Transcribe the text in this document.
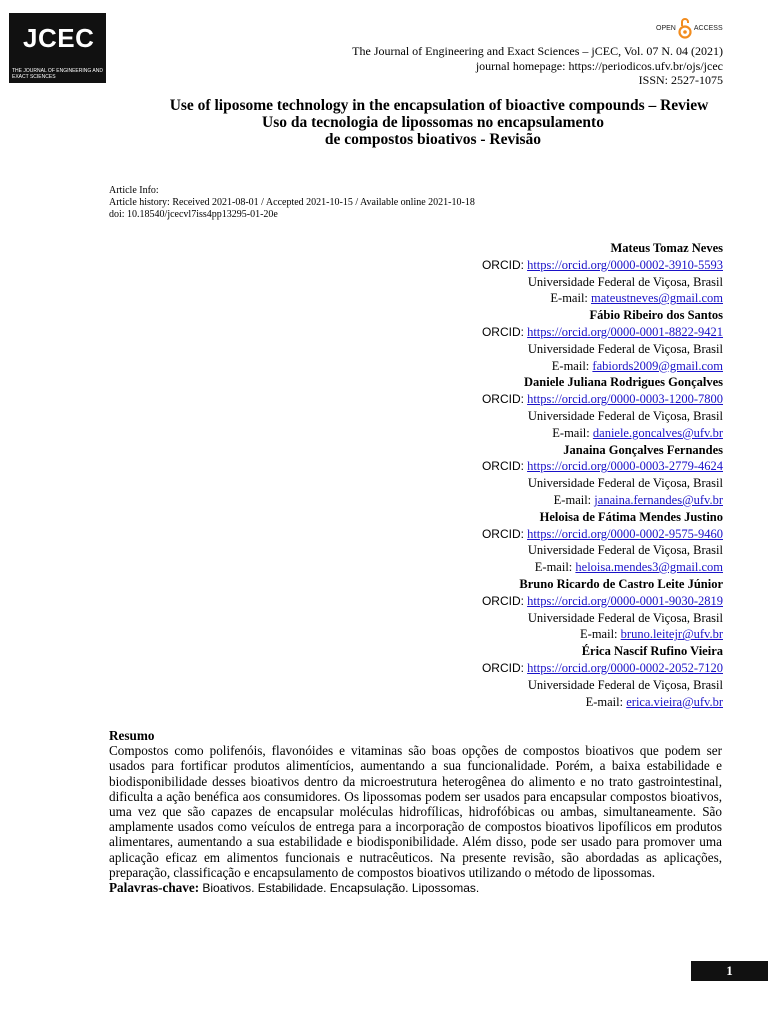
JCEC
THE JOURNAL OF ENGINEERING AND EXACT SCIENCES
OPEN	ACCESS
The Journal of Engineering and Exact Sciences – jCEC, Vol. 07 N. 04 (2021)
journal homepage: https://periodicos.ufv.br/ojs/jcec
ISSN: 2527-1075
Use of liposome technology in the encapsulation of bioactive compounds – Review
Uso da tecnologia de lipossomas no encapsulamento de compostos bioativos - Revisão
Article Info:
Article history: Received 2021-08-01 / Accepted 2021-10-15 / Available online 2021-10-18
doi: 10.18540/jcecvl7iss4pp13295-01-20e
Mateus Tomaz Neves
ORCID: https://orcid.org/0000-0002-3910-5593
Universidade Federal de Viçosa, Brasil
E-mail: mateustneves@gmail.com
Fábio Ribeiro dos Santos
ORCID: https://orcid.org/0000-0001-8822-9421
Universidade Federal de Viçosa, Brasil
E-mail: fabiords2009@gmail.com
Daniele Juliana Rodrigues Gonçalves
ORCID: https://orcid.org/0000-0003-1200-7800
Universidade Federal de Viçosa, Brasil
E-mail: daniele.goncalves@ufv.br
Janaina Gonçalves Fernandes
ORCID: https://orcid.org/0000-0003-2779-4624
Universidade Federal de Viçosa, Brasil
E-mail: janaina.fernandes@ufv.br
Heloisa de Fátima Mendes Justino
ORCID: https://orcid.org/0000-0002-9575-9460
Universidade Federal de Viçosa, Brasil
E-mail: heloisa.mendes3@gmail.com
Bruno Ricardo de Castro Leite Júnior
ORCID: https://orcid.org/0000-0001-9030-2819
Universidade Federal de Viçosa, Brasil
E-mail: bruno.leitejr@ufv.br
Érica Nascif Rufino Vieira
ORCID: https://orcid.org/0000-0002-2052-7120
Universidade Federal de Viçosa, Brasil
E-mail: erica.vieira@ufv.br
Resumo

Compostos como polifenóis, flavonóides e vitaminas são boas opções de compostos bioativos que podem ser usados para fortificar produtos alimentícios, aumentando a sua funcionalidade. Porém, a baixa estabilidade e biodisponibilidade desses bioativos dentro da microestrutura heterogênea do alimento e no trato gastrointestinal, dificulta a ação benéfica aos consumidores. Os lipossomas podem ser usados para encapsular compostos bioativos, uma vez que são capazes de encapsular moléculas hidrofílicas, hidrofóbicas ou ambas, simultaneamente. São amplamente usados como veículos de entrega para a incorporação de compostos bioativos lipofílicos em produtos alimentares, aumentando a sua estabilidade e biodisponibilidade. Além disso, pode ser usado para promover uma aplicação eficaz em alimentos funcionais e nutracêuticos. Na presente revisão, são abordadas as aplicações, preparação, classificação e encapsulamento de compostos bioativos utilizando o método de lipossomas.

Palavras-chave: Bioativos. Estabilidade. Encapsulação. Lipossomas.
1
